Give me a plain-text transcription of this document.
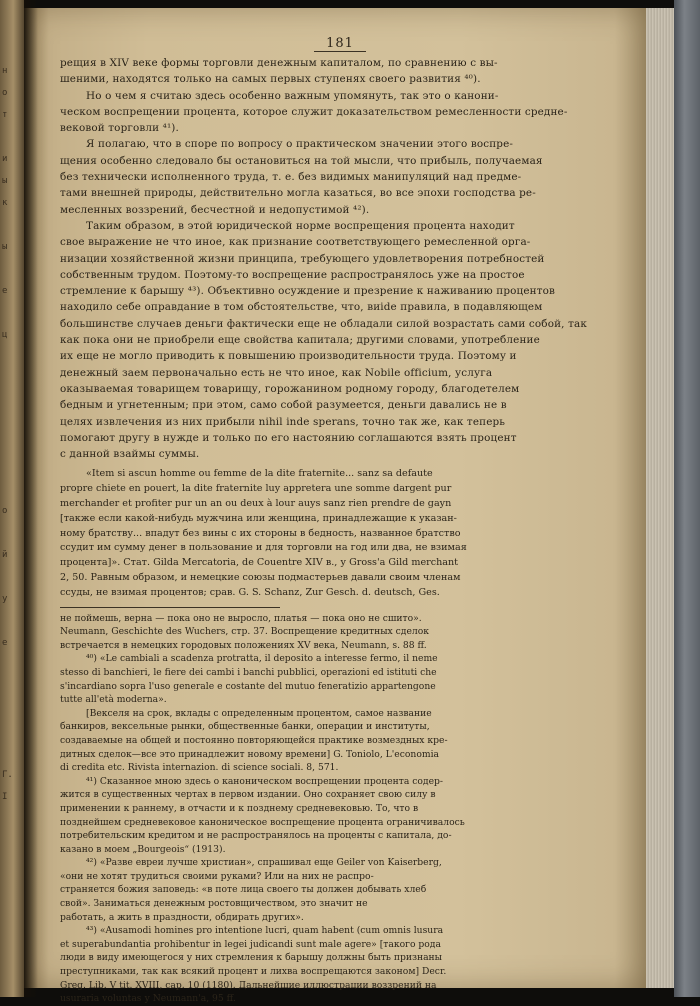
н
о
т

и
ы
к

ы

е

ц

о

й

у

е

Г.
I
181

рещия в XIV веке формы торговли денежным капиталом, по сравнению с вы-
шеними, находятся только на самых первых ступенях своего развития ⁴⁰).

Но о чем я считаю здесь особенно важным упомянуть, так это о канони-
ческом воспрещении процента, которое служит доказательством ремесленности средне-
вековой торговли ⁴¹).

Я полагаю, что в споре по вопросу о практическом значении этого воспре-
щения особенно следовало бы остановиться на той мысли, что прибыль, получаемая
без технически исполненного труда, т. е. без видимых манипуляций над предме-
тами внешней природы, действительно могла казаться, во все эпохи господства ре-
месленных воззрений, бесчестной и недопустимой ⁴²).

Таким образом, в этой юридической норме воспрещения процента находит
свое выражение не что иное, как признание соответствующего ремесленной орга-
низации хозяйственной жизни принципа, требующего удовлетворения потребностей
собственным трудом. Поэтому-то воспрещение распространялось уже на простое
стремление к барышу ⁴³). Объективно осуждение и презрение к наживанию процентов
находило себе оправдание в том обстоятельстве, что, виidе правила, в подавляющем
большинстве случаев деньги фактически еще не обладали силой возрастать сами собой, так
как пока они не приобрели еще свойства капитала; другими словами, употребление
их еще не могло приводить к повышению производительности труда. Поэтому и
денежный заем первоначально есть не что иное, как Nobile officium, услуга
оказываемая товарищем товарищу, горожанином родному городу, благодетелем
бедным и угнетенным; при этом, само собой разумеется, деньги давались не в
целях извлечения из них прибыли nihil inde sperans, точно так же, как теперь
помогают другу в нужде и только по его настоянию соглашаются взять процент
с данной взаймы суммы.

«Item si ascun homme ou femme de la dite fraternite... sanz sa defaute
propre chiete en pouert, la dite fraternite luy appretera une somme dargent pur
merchander et profiter pur un an ou deux à lour auys sanz rien prendre de gayn
[также если какой-нибудь мужчина или женщина, принадлежащие к указан-
ному братству... впадут без вины с их стороны в бедность, названное братство
ссудит им сумму денег в пользование и для торговли на год или два, не взимая
процента]». Стат. Gilda Mercatoria, de Couentre XIV в., у Gross'a Gild merchant
2, 50. Равным образом, и немецкие союзы подмастерьев давали своим членам
ссуды, не взимая процентов; срав. G. S. Schanz, Zur Gesch. d. deutsch, Ges.

не поймешь, верна — пока оно не выросло, платья — пока оно не сшито».
Neumann, Geschichte des Wuchers, стр. 37. Воспрещение кредитных сделок
встречается в немецких городовых положениях XV века, Neumann, s. 88 ff.

⁴⁰) «Le cambiali a scadenza protratta, il deposito a interesse fermo, il neme
stesso di banchieri, le fiere dei cambi i banchi pubblici, operazioni ed istituti che
s'incardiano sopra l'uso generale e costante del mutuo feneratizio appartengone
tutte all'età moderna».

[Векселя на срок, вклады с определенным процентом, самое название
банкиров, вексельные рынки, общественные банки, операции и институты,
создаваемые на общей и постоянно повторяющейся практике возмездных кре-
дитных сделок—все это принадлежит новому времени] G. Toniolo, L'economia
di credita etc. Rivista internazion. di science sociali. 8, 571.

⁴¹) Сказанное мною здесь о каноническом воспрещении процента содер-
жится в существенных чертах в первом издании. Оно сохраняет свою силу в
применении к раннему, в отчасти и к позднему средневековью. То, что в
позднейшем средневековое каноническое воспрещение процента ограничивалось
потребительским кредитом и не распространялось на проценты с капитала, до-
казано в моем „Bourgeois“ (1913).

⁴²) «Разве евреи лучше христиан», спрашивал еще Geiler von Kaiserberg,
«они не хотят трудиться своими руками? Или на них не распро-
страняется божия заповедь: «в поте лица своего ты должен добывать хлеб
свой». Заниматься денежным ростовщичеством, это значит не
работать, а жить в праздности, обдирать других».

⁴³) «Ausamodi homines pro intentione lucri, quam habent (cum omnis lusura
et superabundantia prohibentur in legei judicandi sunt male agere» [такого рода
люди в виду имеющегося у них стремления к барышу должны быть признаны
преступниками, так как всякий процент и лихва воспрещаются законом] Decr.
Greg. Lib. V tit. XVIII, cap. 10 (1180). Дальнейшие иллюстрации воззрений на
usuraria voluntas у Neumann'a, 95 ff.
